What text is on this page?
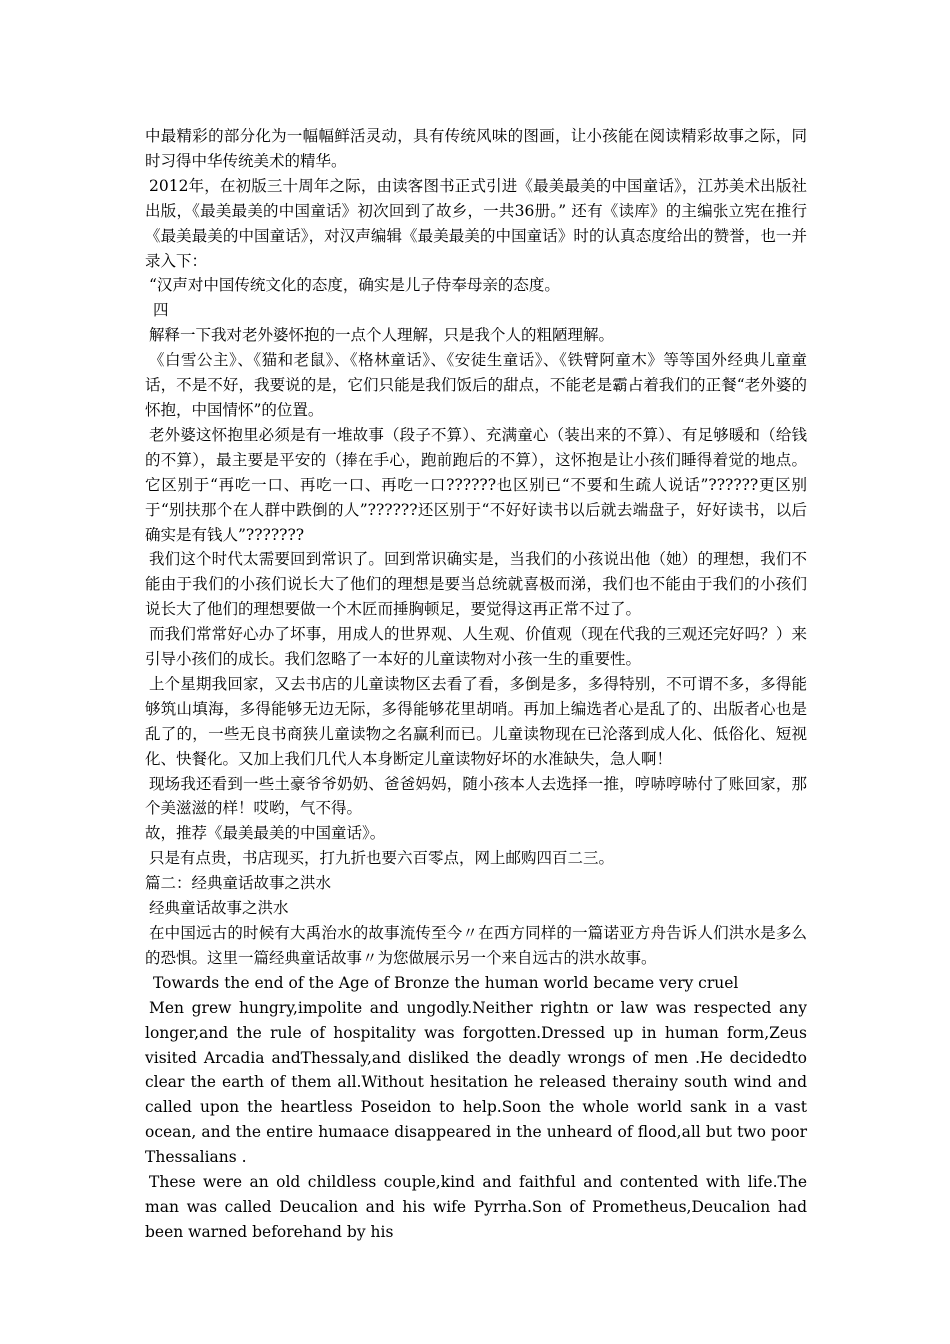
中最精彩的部分化为一幅幅鲜活灵动，具有传统风味的图画，让小孩能在阅读精彩故事之际，同时习得中华传统美术的精华。

2012年，在初版三十周年之际，由读客图书正式引进《最美最美的中国童话》，江苏美术出版社出版，《最美最美的中国童话》初次回到了故乡，一共36册。” 还有《读库》的主编张立宪在推行《最美最美的中国童话》，对汉声编辑《最美最美的中国童话》时的认真态度给出的赞誉，也一并录入下：

“汉声对中国传统文化的态度，确实是儿子侍奉母亲的态度。

四

解释一下我对老外婆怀抱的一点个人理解，只是我个人的粗陋理解。

《白雪公主》、《猫和老鼠》、《格林童话》、《安徒生童话》、《铁臂阿童木》等等国外经典儿童童话，不是不好，我要说的是，它们只能是我们饭后的甜点，不能老是霸占着我们的正餐“老外婆的怀抱，中国情怀”的位置。

老外婆这怀抱里必须是有一堆故事（段子不算）、充满童心（装出来的不算）、有足够暖和（给钱的不算），最主要是平安的（捧在手心，跑前跑后的不算），这怀抱是让小孩们睡得着觉的地点。它区别于“再吃一口、再吃一口、再吃一口??????也区别已“不要和生疏人说话”??????更区别于“别扶那个在人群中跌倒的人”??????还区别于“不好好读书以后就去端盘子，好好读书，以后确实是有钱人”???????

我们这个时代太需要回到常识了。回到常识确实是，当我们的小孩说出他（她）的理想，我们不能由于我们的小孩们说长大了他们的理想是要当总统就喜极而涕，我们也不能由于我们的小孩们说长大了他们的理想要做一个木匠而捶胸顿足，要觉得这再正常不过了。

而我们常常好心办了坏事，用成人的世界观、人生观、价值观（现在代我的三观还完好吗？）来引导小孩们的成长。我们忽略了一本好的儿童读物对小孩一生的重要性。

上个星期我回家，又去书店的儿童读物区去看了看，多倒是多，多得特别，不可谓不多，多得能够筑山填海，多得能够无边无际，多得能够花里胡哨。再加上编选者心是乱了的、出版者心也是乱了的，一些无良书商狭儿童读物之名赢利而已。儿童读物现在已沦落到成人化、低俗化、短视化、快餐化。又加上我们几代人本身断定儿童读物好坏的水准缺失，急人啊！

现场我还看到一些土豪爷爷奶奶、爸爸妈妈，随小孩本人去选择一推，哼哧哼哧付了账回家，那个美滋滋的样！哎哟，气不得。

故，推荐《最美最美的中国童话》。

只是有点贵，书店现买，打九折也要六百零点，网上邮购四百二三。

篇二：经典童话故事之洪水

经典童话故事之洪水

在中国远古的时候有大禹治水的故事流传至今〃在西方同样的一篇诺亚方舟告诉人们洪水是多么的恐惧。这里一篇经典童话故事〃为您做展示另一个来自远古的洪水故事。

Towards the end of the Age of Bronze the human world became very cruel

Men grew hungry,impolite and ungodly.Neither rightn or law was respected any longer,and the rule of hospitality was forgotten.Dressed up in human form,Zeus visited Arcadia andThessaly,and disliked the deadly wrongs of men .He decidedto clear the earth of them all.Without hesitation he released therainy south wind and called upon the heartless Poseidon to help.Soon the whole world sank in a vast ocean, and the entire humaace disappeared in the unheard of flood,all but two poor Thessalians .

These were an old childless couple,kind and faithful and contented with life.The man was called Deucalion and his wife Pyrrha.Son of Prometheus,Deucalion had been warned beforehand by his
